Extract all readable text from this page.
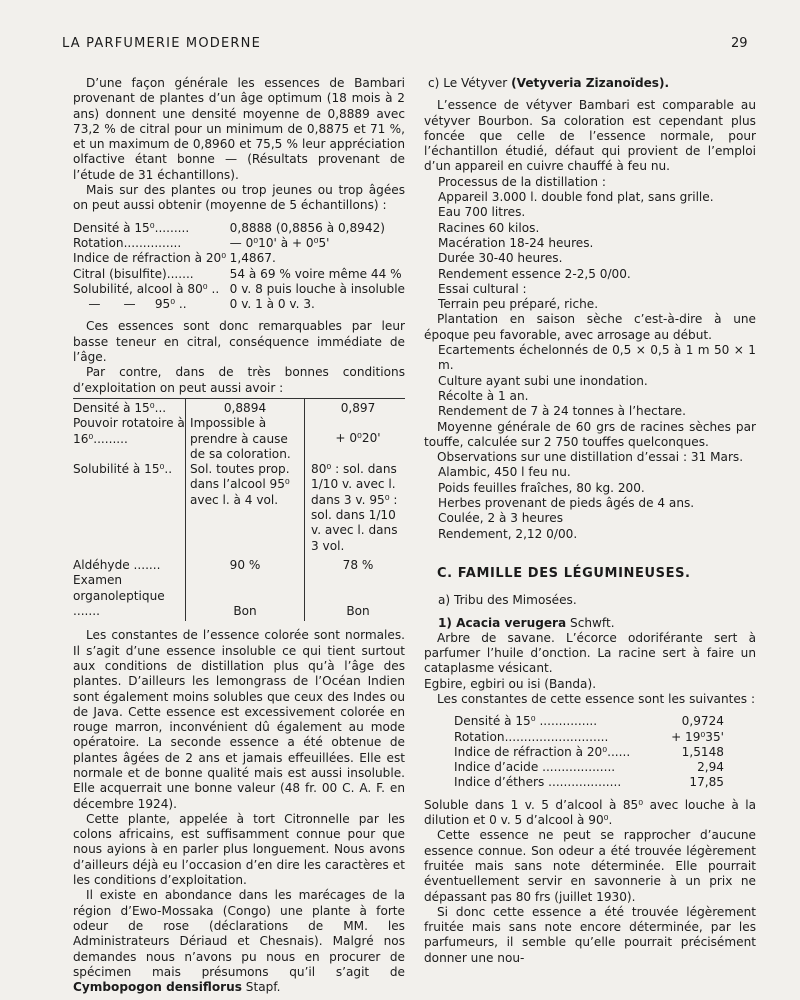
LA PARFUMERIE MODERNE	29

D’une façon générale les essences de Bambari provenant de plantes d’un âge optimum (18 mois à 2 ans) donnent une densité moyenne de 0,8889 avec 73,2 % de citral pour un minimum de 0,8875 et 71 %, et un maximum de 0,8960 et 75,5 % leur appréciation olfactive étant bonne — (Résultats provenant de l’étude de 31 échantillons).

Mais sur des plantes ou trop jeunes ou trop âgées on peut aussi obtenir (moyenne de 5 échantillons) :

Densité à 15⁰.........	0,8888 (0,8856 à 0,8942)
Rotation...............	— 0⁰10' à + 0⁰5'
Indice de réfraction à 20⁰	1,4867.
Citral (bisulfite).......	54 à 69 % voire même 44 %
Solubilité, alcool à 80⁰ ..	0 v. 8 puis louche à insoluble
—      —     95⁰ ..	0 v. 1 à 0 v. 3.

Ces essences sont donc remarquables par leur basse teneur en citral, conséquence immédiate de l’âge.

Par contre, dans de très bonnes conditions d’exploitation on peut aussi avoir :

Densité à 15⁰...	0,8894	0,897
Pouvoir rotatoire à 16⁰.........	Impossible à prendre à cause de sa coloration.	+ 0⁰20'
Solubilité à 15⁰..	Sol. toutes prop. dans l’alcool 95⁰ avec l. à 4 vol.	80⁰ : sol. dans 1/10 v. avec l. dans 3 v. 95⁰ : sol. dans 1/10 v. avec l. dans 3 vol.
Aldéhyde .......	90 %	78 %
Examen organoleptique .......	Bon	Bon

Les constantes de l’essence colorée sont normales. Il s’agit d’une essence insoluble ce qui tient surtout aux conditions de distillation plus qu’à l’âge des plantes. D’ailleurs les lemongrass de l’Océan Indien sont également moins solubles que ceux des Indes ou de Java. Cette essence est excessivement colorée en rouge marron, inconvénient dû également au mode opératoire. La seconde essence a été obtenue de plantes âgées de 2 ans et jamais effeuillées. Elle est normale et de bonne qualité mais est aussi insoluble. Elle acquerrait une bonne valeur (48 fr. 00 C. A. F. en décembre 1924).

Cette plante, appelée à tort Citronnelle par les colons africains, est suffisamment connue pour que nous ayions à en parler plus longuement. Nous avons d’ailleurs déjà eu l’occasion d’en dire les caractères et les conditions d’exploitation.

Il existe en abondance dans les marécages de la région d’Ewo-Mossaka (Congo) une plante à forte odeur de rose (déclarations de MM. les Administrateurs Dériaud et Chesnais). Malgré nos demandes nous n’avons pu nous en procurer de spécimen mais présumons qu’il s’agit de Cymbopogon densiflorus Stapf.

c) Le Vétyver (Vetyveria Zizanoïdes).

L’essence de vétyver Bambari est comparable au vétyver Bourbon. Sa coloration est cependant plus foncée que celle de l’essence normale, pour l’échantillon étudié, défaut qui provient de l’emploi d’un appareil en cuivre chauffé à feu nu.

Processus de la distillation :

Appareil 3.000 l. double fond plat, sans grille.

Eau 700 litres.

Racines 60 kilos.

Macération 18-24 heures.

Durée 30-40 heures.

Rendement essence 2-2,5 0/00.

Essai cultural :

Terrain peu préparé, riche.

Plantation en saison sèche c’est-à-dire à une époque peu favorable, avec arrosage au début.

Ecartements échelonnés de 0,5 × 0,5 à 1 m 50 × 1 m.

Culture ayant subi une inondation.

Récolte à 1 an.

Rendement de 7 à 24 tonnes à l’hectare.

Moyenne générale de 60 grs de racines sèches par touffe, calculée sur 2 750 touffes quelconques.

Observations sur une distillation d’essai : 31 Mars.

Alambic, 450 l feu nu.

Poids feuilles fraîches, 80 kg. 200.

Herbes provenant de pieds âgés de 4 ans.

Coulée, 2 à 3 heures

Rendement, 2,12 0/00.

C. FAMILLE DES LÉGUMINEUSES.

a) Tribu des Mimosées.

1) Acacia verugera Schwft.

Arbre de savane. L’écorce odoriférante sert à parfumer l’huile d’onction. La racine sert à faire un cataplasme vésicant.

Egbire, egbiri ou isi (Banda).

Les constantes de cette essence sont les suivantes :

Densité à 15⁰ ...............	0,9724
Rotation...........................	+ 19⁰35'
Indice de réfraction à 20⁰......	1,5148
Indice d’acide ...................	2,94
Indice d’éthers ...................	17,85

Soluble dans 1 v. 5 d’alcool à 85⁰ avec louche à la dilution et 0 v. 5 d’alcool à 90⁰.

Cette essence ne peut se rapprocher d’aucune essence connue. Son odeur a été trouvée légèrement fruitée mais sans note déterminée. Elle pourrait éventuellement servir en savonnerie à un prix ne dépassant pas 80 frs (juillet 1930).

Si donc cette essence a été trouvée légèrement fruitée mais sans note encore déterminée, par les parfumeurs, il semble qu’elle pourrait précisément donner une nou-
